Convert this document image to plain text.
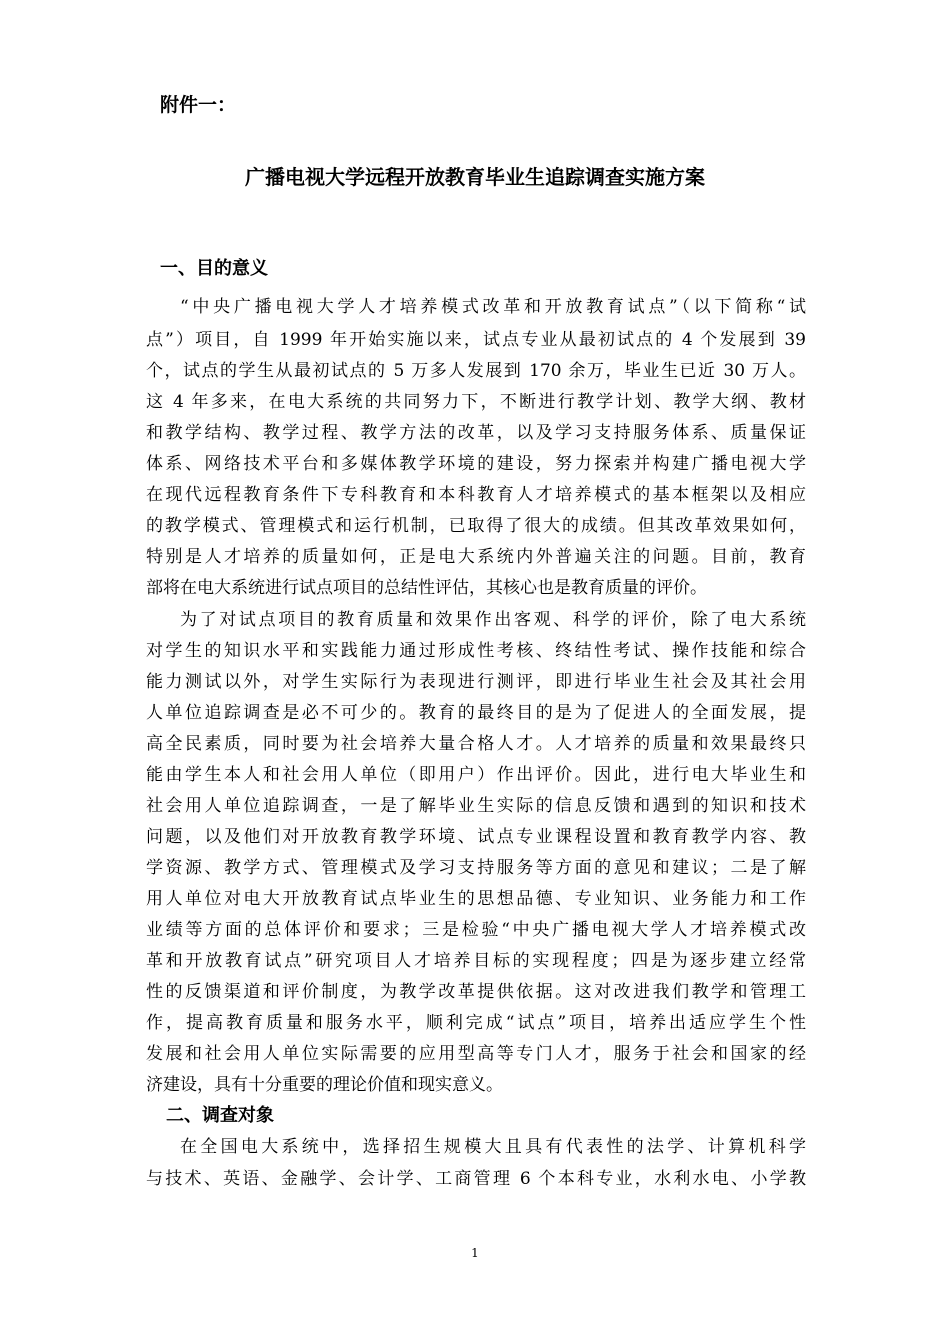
附件一：
广播电视大学远程开放教育毕业生追踪调查实施方案
一、目的意义
“中央广播电视大学人才培养模式改革和开放教育试点”（以下简称“试
点”）项目，自 1999 年开始实施以来，试点专业从最初试点的 4 个发展到 39
个，试点的学生从最初试点的 5 万多人发展到 170 余万，毕业生已近 30 万人。
这 4 年多来，在电大系统的共同努力下，不断进行教学计划、教学大纲、教材
和教学结构、教学过程、教学方法的改革，以及学习支持服务体系、质量保证
体系、网络技术平台和多媒体教学环境的建设，努力探索并构建广播电视大学
在现代远程教育条件下专科教育和本科教育人才培养模式的基本框架以及相应
的教学模式、管理模式和运行机制，已取得了很大的成绩。但其改革效果如何，
特别是人才培养的质量如何，正是电大系统内外普遍关注的问题。目前，教育
部将在电大系统进行试点项目的总结性评估，其核心也是教育质量的评价。
为了对试点项目的教育质量和效果作出客观、科学的评价，除了电大系统
对学生的知识水平和实践能力通过形成性考核、终结性考试、操作技能和综合
能力测试以外，对学生实际行为表现进行测评，即进行毕业生社会及其社会用
人单位追踪调查是必不可少的。教育的最终目的是为了促进人的全面发展，提
高全民素质，同时要为社会培养大量合格人才。人才培养的质量和效果最终只
能由学生本人和社会用人单位（即用户）作出评价。因此，进行电大毕业生和
社会用人单位追踪调查，一是了解毕业生实际的信息反馈和遇到的知识和技术
问题，以及他们对开放教育教学环境、试点专业课程设置和教育教学内容、教
学资源、教学方式、管理模式及学习支持服务等方面的意见和建议；二是了解
用人单位对电大开放教育试点毕业生的思想品德、专业知识、业务能力和工作
业绩等方面的总体评价和要求；三是检验“中央广播电视大学人才培养模式改
革和开放教育试点”研究项目人才培养目标的实现程度；四是为逐步建立经常
性的反馈渠道和评价制度，为教学改革提供依据。这对改进我们教学和管理工
作，提高教育质量和服务水平，顺利完成“试点”项目，培养出适应学生个性
发展和社会用人单位实际需要的应用型高等专门人才，服务于社会和国家的经
济建设，具有十分重要的理论价值和现实意义。
二、调查对象
在全国电大系统中，选择招生规模大且具有代表性的法学、计算机科学
与技术、英语、金融学、会计学、工商管理 6 个本科专业，水利水电、小学教
1
